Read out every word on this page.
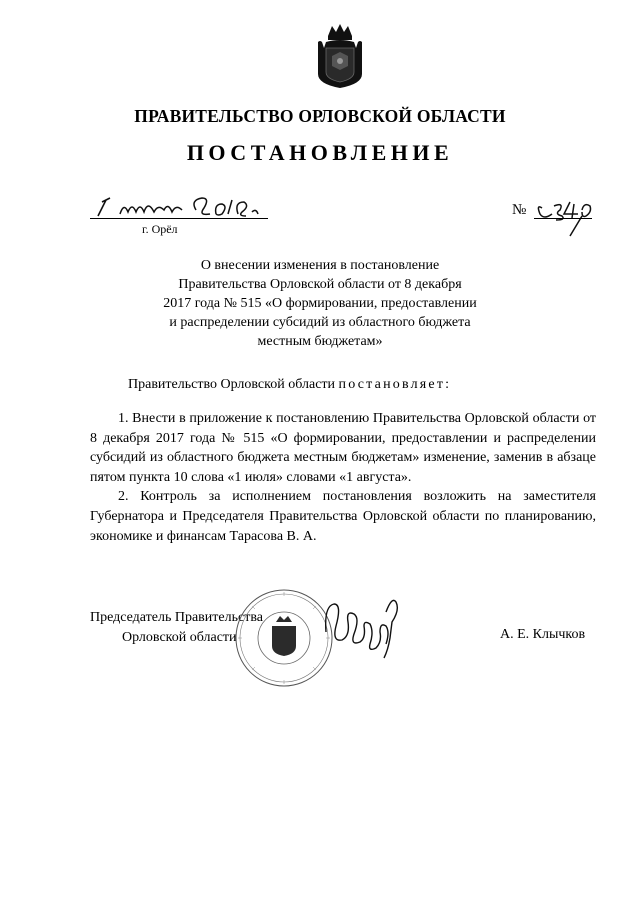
ПРАВИТЕЛЬСТВО ОРЛОВСКОЙ ОБЛАСТИ
ПОСТАНОВЛЕНИЕ
г. Орёл
№
О внесении изменения в постановление
Правительства Орловской области от 8 декабря
2017 года № 515 «О формировании, предоставлении
и распределении субсидий из областного бюджета
местным бюджетам»
Правительство Орловской области постановляет:

1. Внести в приложение к постановлению Правительства Орловской области от 8 декабря 2017 года № 515 «О формировании, предоставлении и распределении субсидий из областного бюджета местным бюджетам» изменение, заменив в абзаце пятом пункта 10 слова «1 июля» словами «1 августа».

2. Контроль за исполнением постановления возложить на заместителя Губернатора и Председателя Правительства Орловской области по планированию, экономике и финансам Тарасова В. А.

Председатель Правительства
Орловской области	А. Е. Клычков
